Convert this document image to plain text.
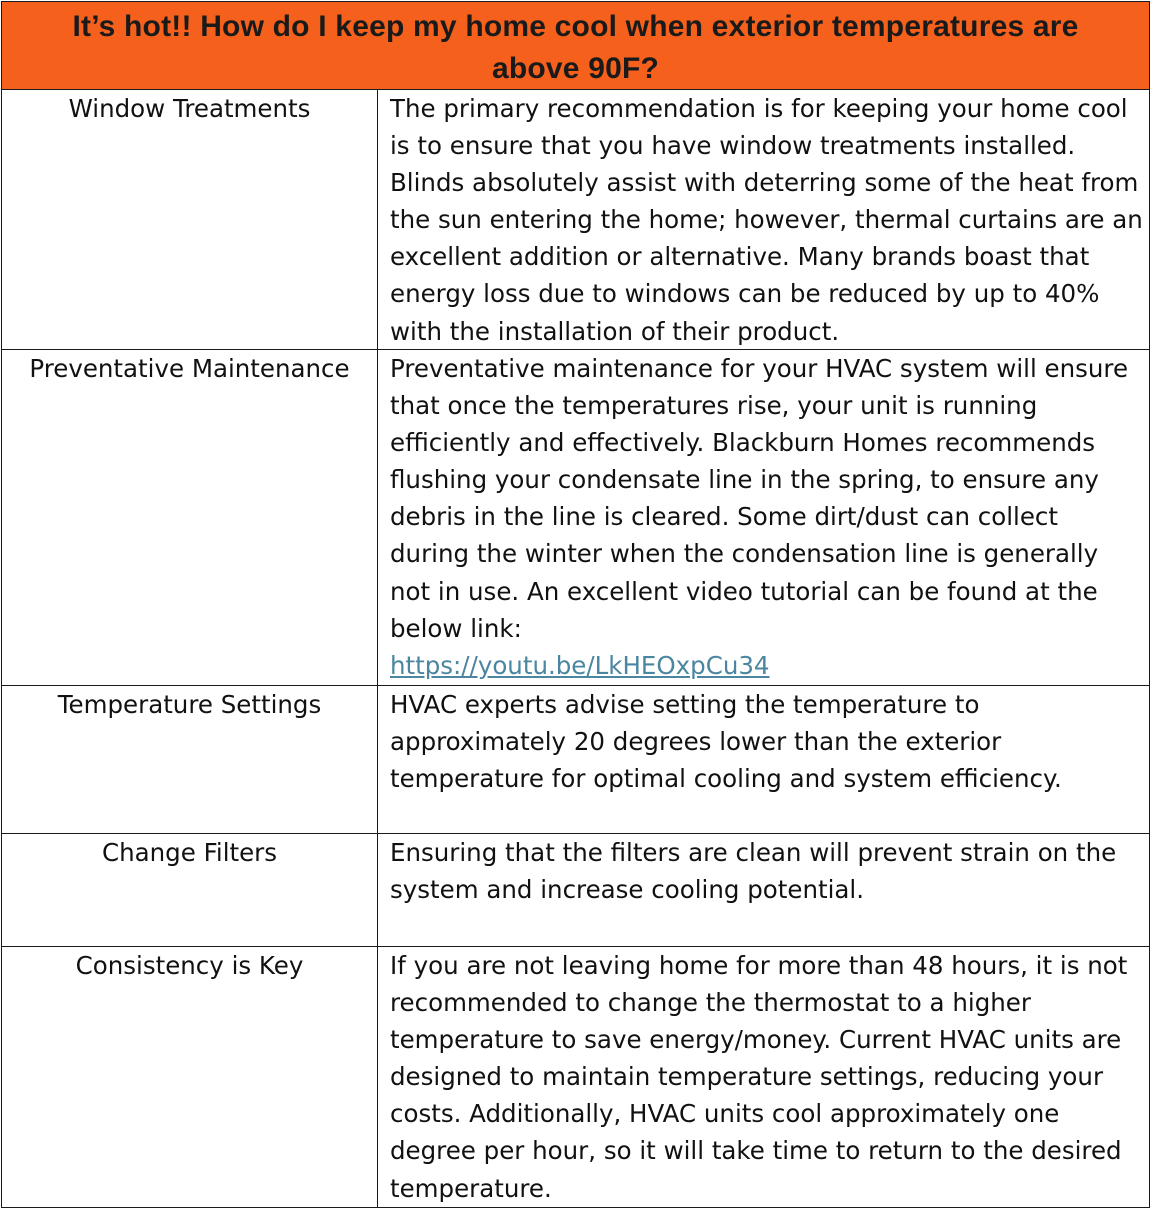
It’s hot!! How do I keep my home cool when exterior temperatures are above 90F?
Window Treatments	The primary recommendation is for keeping your home cool is to ensure that you have window treatments installed. Blinds absolutely assist with deterring some of the heat from the sun entering the home; however, thermal curtains are an excellent addition or alternative. Many brands boast that energy loss due to windows can be reduced by up to 40% with the installation of their product.
Preventative Maintenance	Preventative maintenance for your HVAC system will ensure that once the temperatures rise, your unit is running efficiently and effectively. Blackburn Homes recommends flushing your condensate line in the spring, to ensure any debris in the line is cleared. Some dirt/dust can collect during the winter when the condensation line is generally not in use. An excellent video tutorial can be found at the below link:
https://youtu.be/LkHEOxpCu34
Temperature Settings	HVAC experts advise setting the temperature to approximately 20 degrees lower than the exterior temperature for optimal cooling and system efficiency.
Change Filters	Ensuring that the filters are clean will prevent strain on the system and increase cooling potential.
Consistency is Key	If you are not leaving home for more than 48 hours, it is not recommended to change the thermostat to a higher temperature to save energy/money. Current HVAC units are designed to maintain temperature settings, reducing your costs. Additionally, HVAC units cool approximately one degree per hour, so it will take time to return to the desired temperature.
